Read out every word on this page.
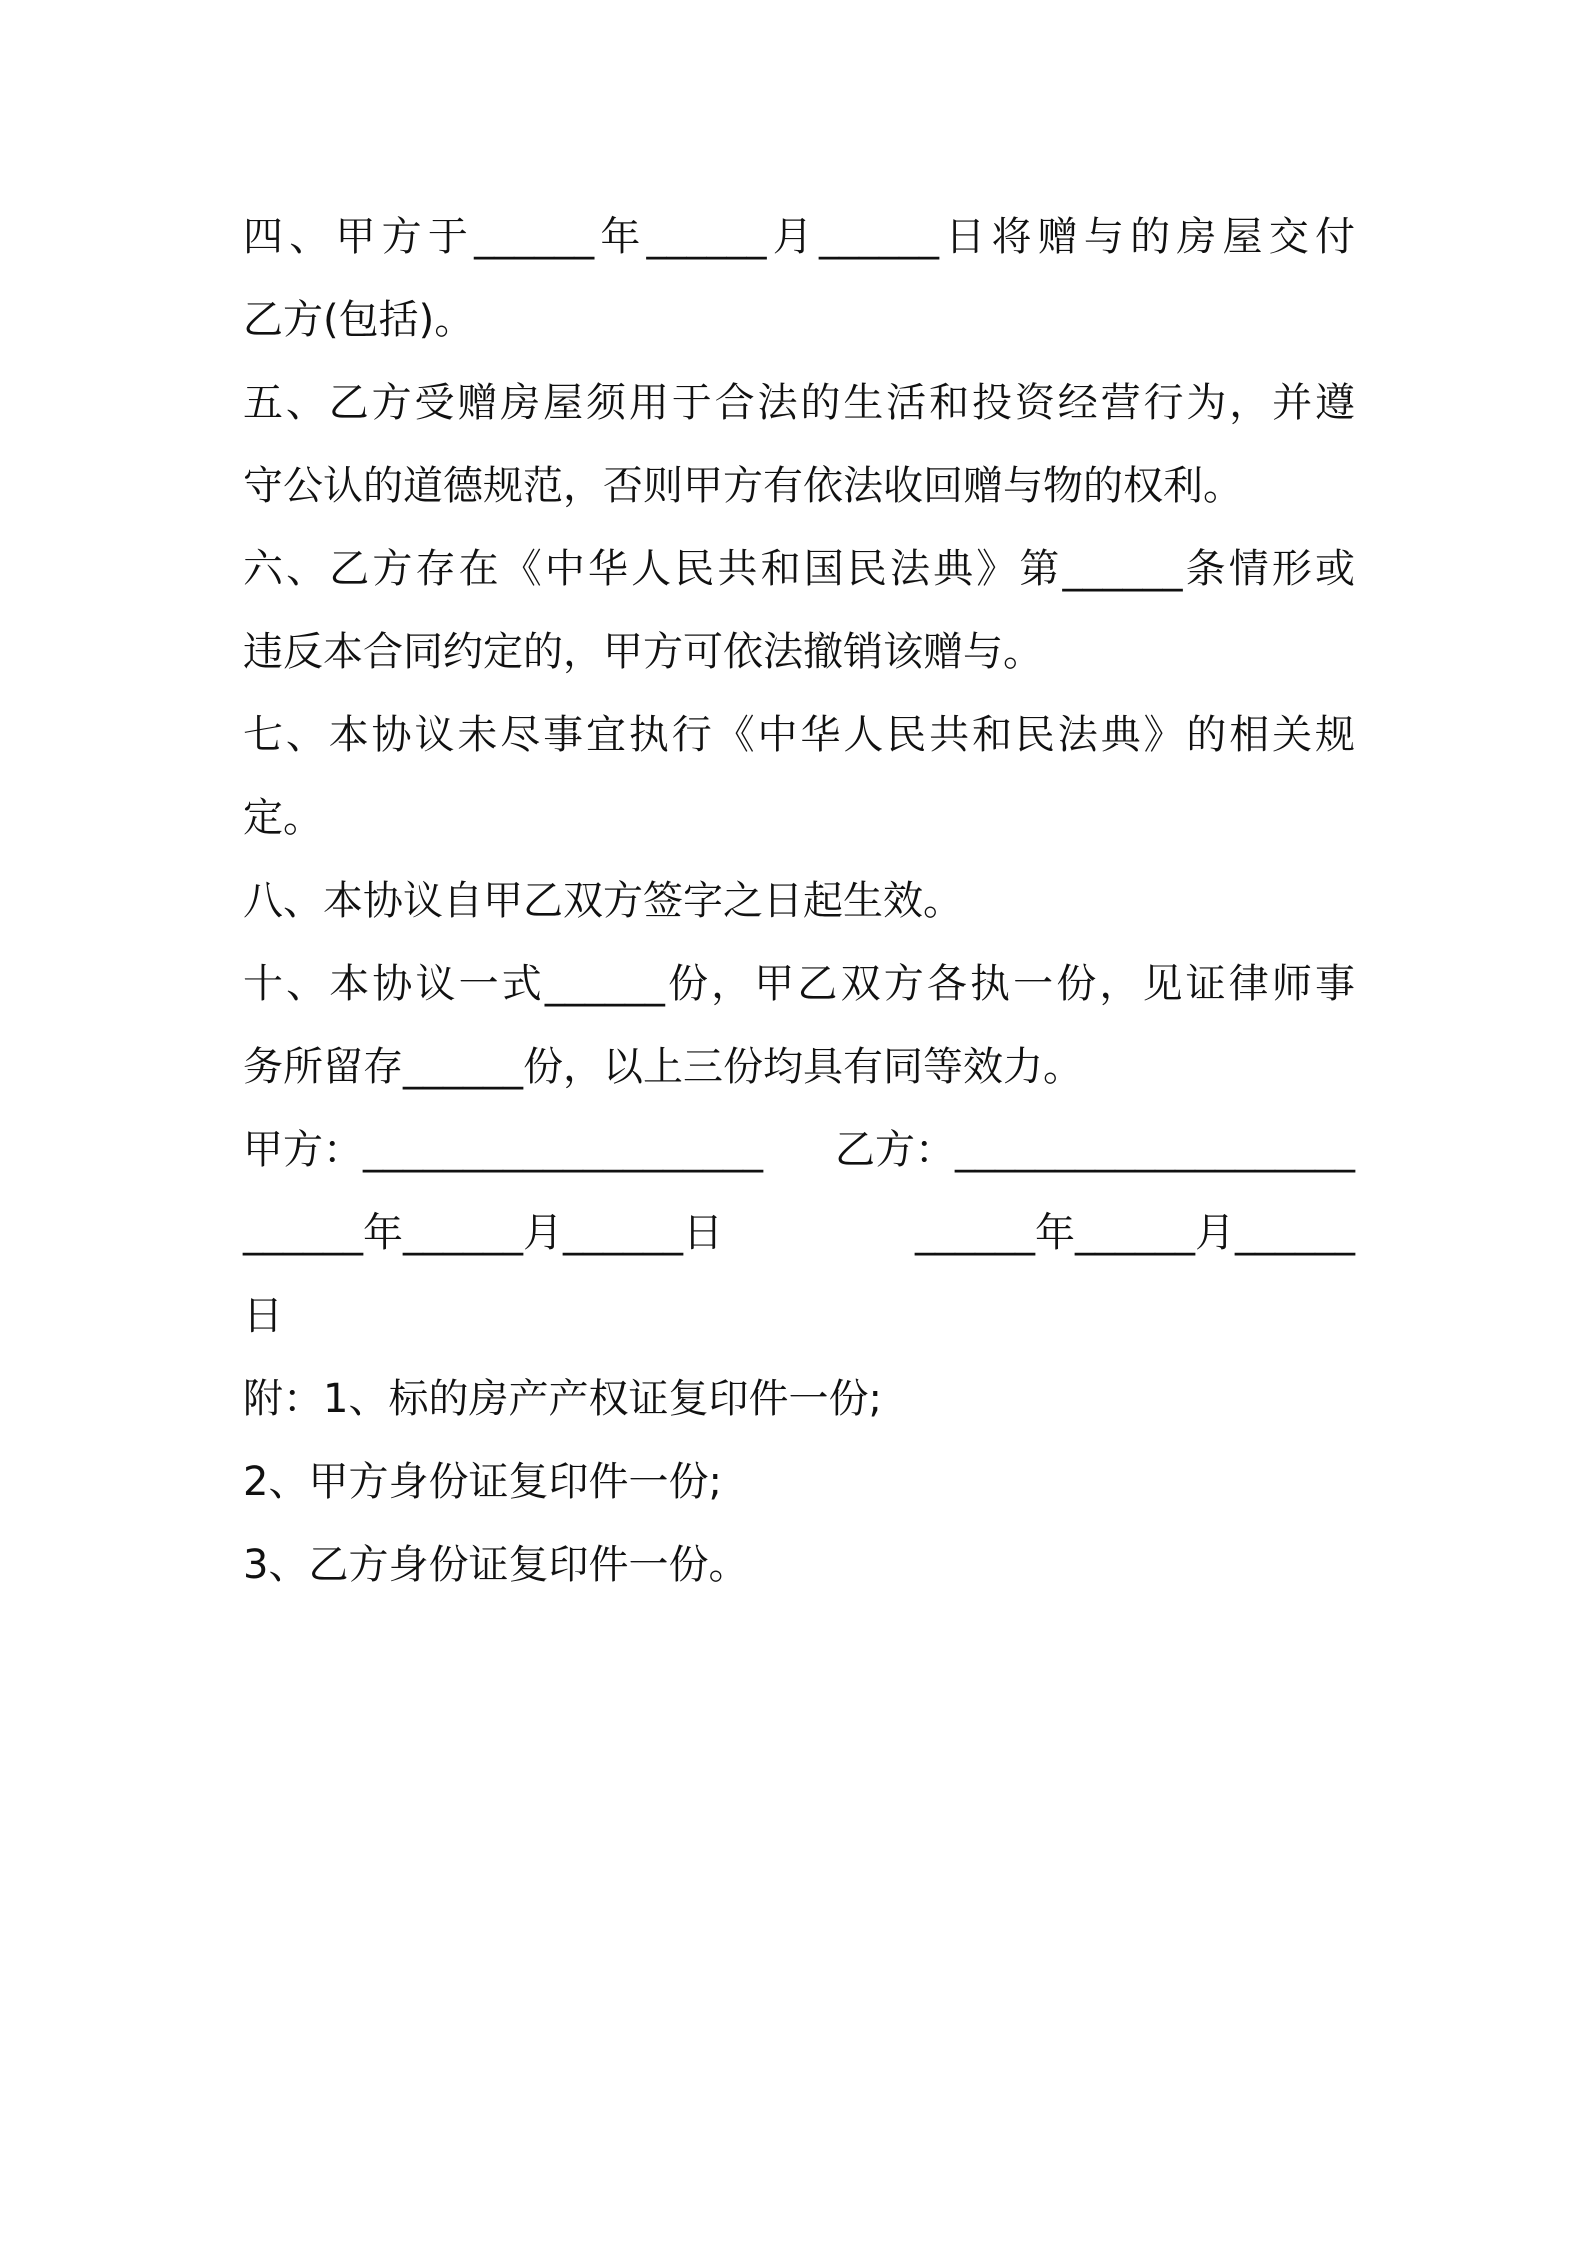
四、甲方于______年______月______日将赠与的房屋交付
乙方(包括)。
五、乙方受赠房屋须用于合法的生活和投资经营行为，并遵
守公认的道德规范，否则甲方有依法收回赠与物的权利。
六、乙方存在《中华人民共和国民法典》第______条情形或
违反本合同约定的，甲方可依法撤销该赠与。
七、本协议未尽事宜执行《中华人民共和民法典》的相关规
定。
八、本协议自甲乙双方签字之日起生效。
十、本协议一式______份，甲乙双方各执一份，见证律师事
务所留存______份，以上三份均具有同等效力。
甲方：____________________ 乙方：____________________
______年______月______日	______年______月______
日
附：1、标的房产产权证复印件一份;
2、甲方身份证复印件一份;
3、乙方身份证复印件一份。
